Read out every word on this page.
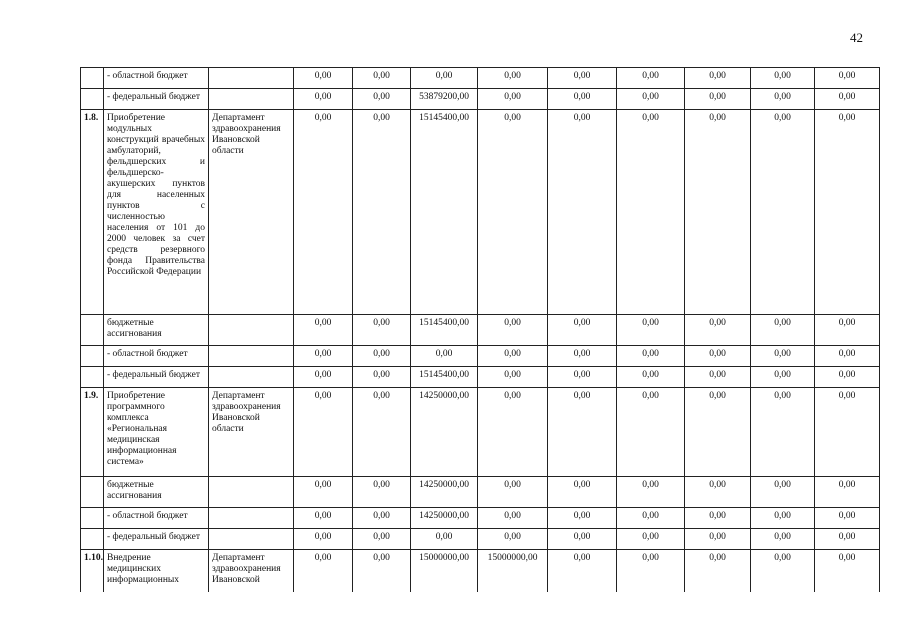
42
	- областной бюджет		0,00	0,00	0,00	0,00	0,00	0,00	0,00	0,00	0,00
	- федеральный бюджет		0,00	0,00	53879200,00	0,00	0,00	0,00	0,00	0,00	0,00
1.8.	Приобретение модульных конструкций врачебных амбулаторий, фельдшерских и фельдшерско-акушерских пунктов для населенных пунктов с численностью населения от 101 до 2000 человек за счет средств резервного фонда Правительства Российской Федерации	Департамент здравоохранения Ивановской области	0,00	0,00	15145400,00	0,00	0,00	0,00	0,00	0,00	0,00
	бюджетные ассигнования		0,00	0,00	15145400,00	0,00	0,00	0,00	0,00	0,00	0,00
	- областной бюджет		0,00	0,00	0,00	0,00	0,00	0,00	0,00	0,00	0,00
	- федеральный бюджет		0,00	0,00	15145400,00	0,00	0,00	0,00	0,00	0,00	0,00
1.9.	Приобретение программного комплекса «Региональная медицинская информационная система»	Департамент здравоохранения Ивановской области	0,00	0,00	14250000,00	0,00	0,00	0,00	0,00	0,00	0,00
	бюджетные ассигнования		0,00	0,00	14250000,00	0,00	0,00	0,00	0,00	0,00	0,00
	- областной бюджет		0,00	0,00	14250000,00	0,00	0,00	0,00	0,00	0,00	0,00
	- федеральный бюджет		0,00	0,00	0,00	0,00	0,00	0,00	0,00	0,00	0,00
1.10.	Внедрение медицинских информационных	Департамент здравоохранения Ивановской	0,00	0,00	15000000,00	15000000,00	0,00	0,00	0,00	0,00	0,00
